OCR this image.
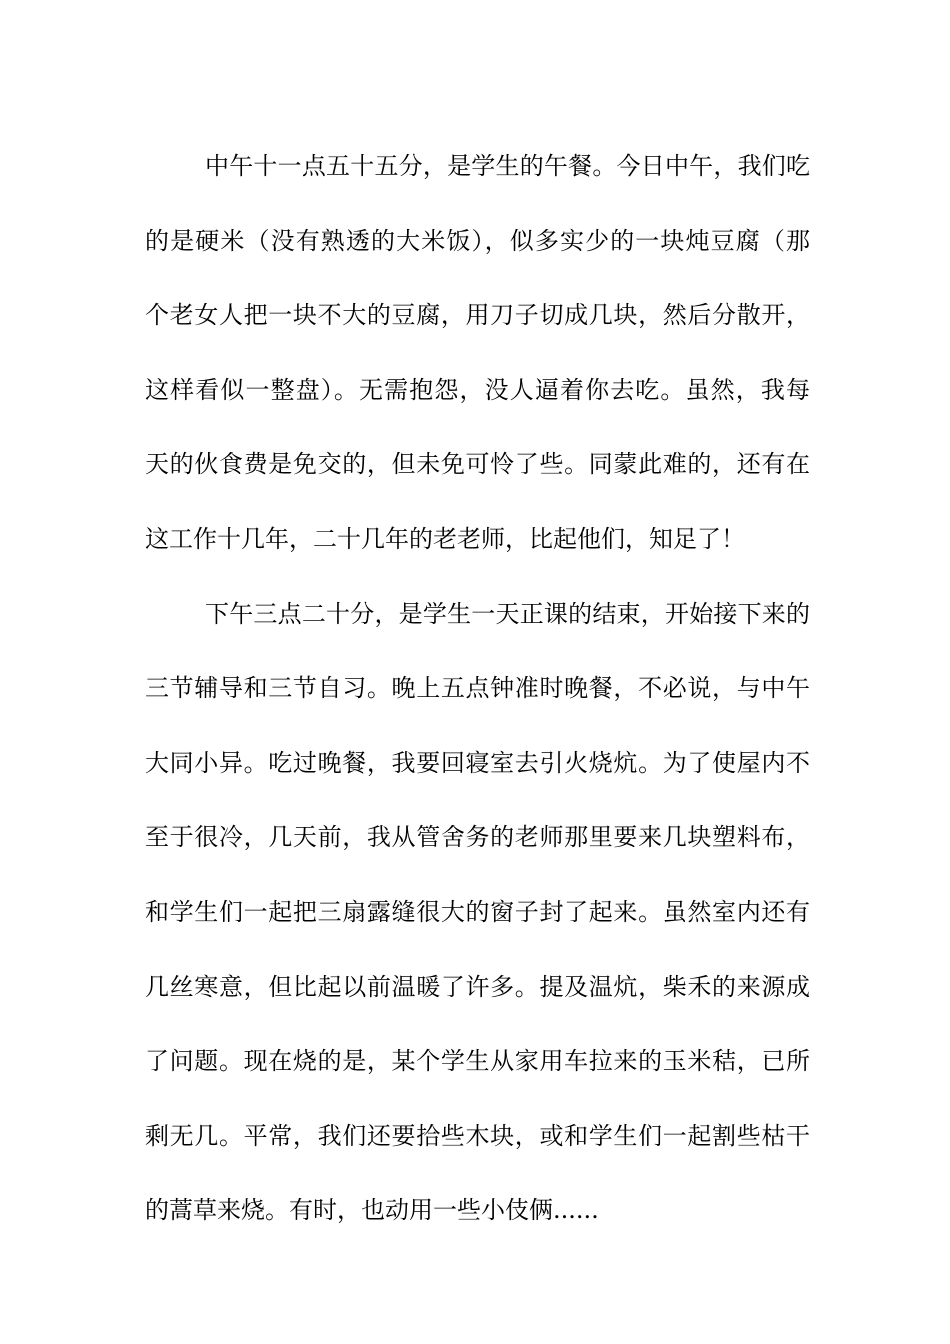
中午十一点五十五分，是学生的午餐。今日中午，我们吃
的是硬米（没有熟透的大米饭），似多实少的一块炖豆腐（那
个老女人把一块不大的豆腐，用刀子切成几块，然后分散开，
这样看似一整盘）。无需抱怨，没人逼着你去吃。虽然，我每
天的伙食费是免交的，但未免可怜了些。同蒙此难的，还有在
这工作十几年，二十几年的老老师，比起他们，知足了！
下午三点二十分，是学生一天正课的结束，开始接下来的
三节辅导和三节自习。晚上五点钟准时晚餐，不必说，与中午
大同小异。吃过晚餐，我要回寝室去引火烧炕。为了使屋内不
至于很冷，几天前，我从管舍务的老师那里要来几块塑料布，
和学生们一起把三扇露缝很大的窗子封了起来。虽然室内还有
几丝寒意，但比起以前温暖了许多。提及温炕，柴禾的来源成
了问题。现在烧的是，某个学生从家用车拉来的玉米秸，已所
剩无几。平常，我们还要拾些木块，或和学生们一起割些枯干
的蒿草来烧。有时，也动用一些小伎俩......
